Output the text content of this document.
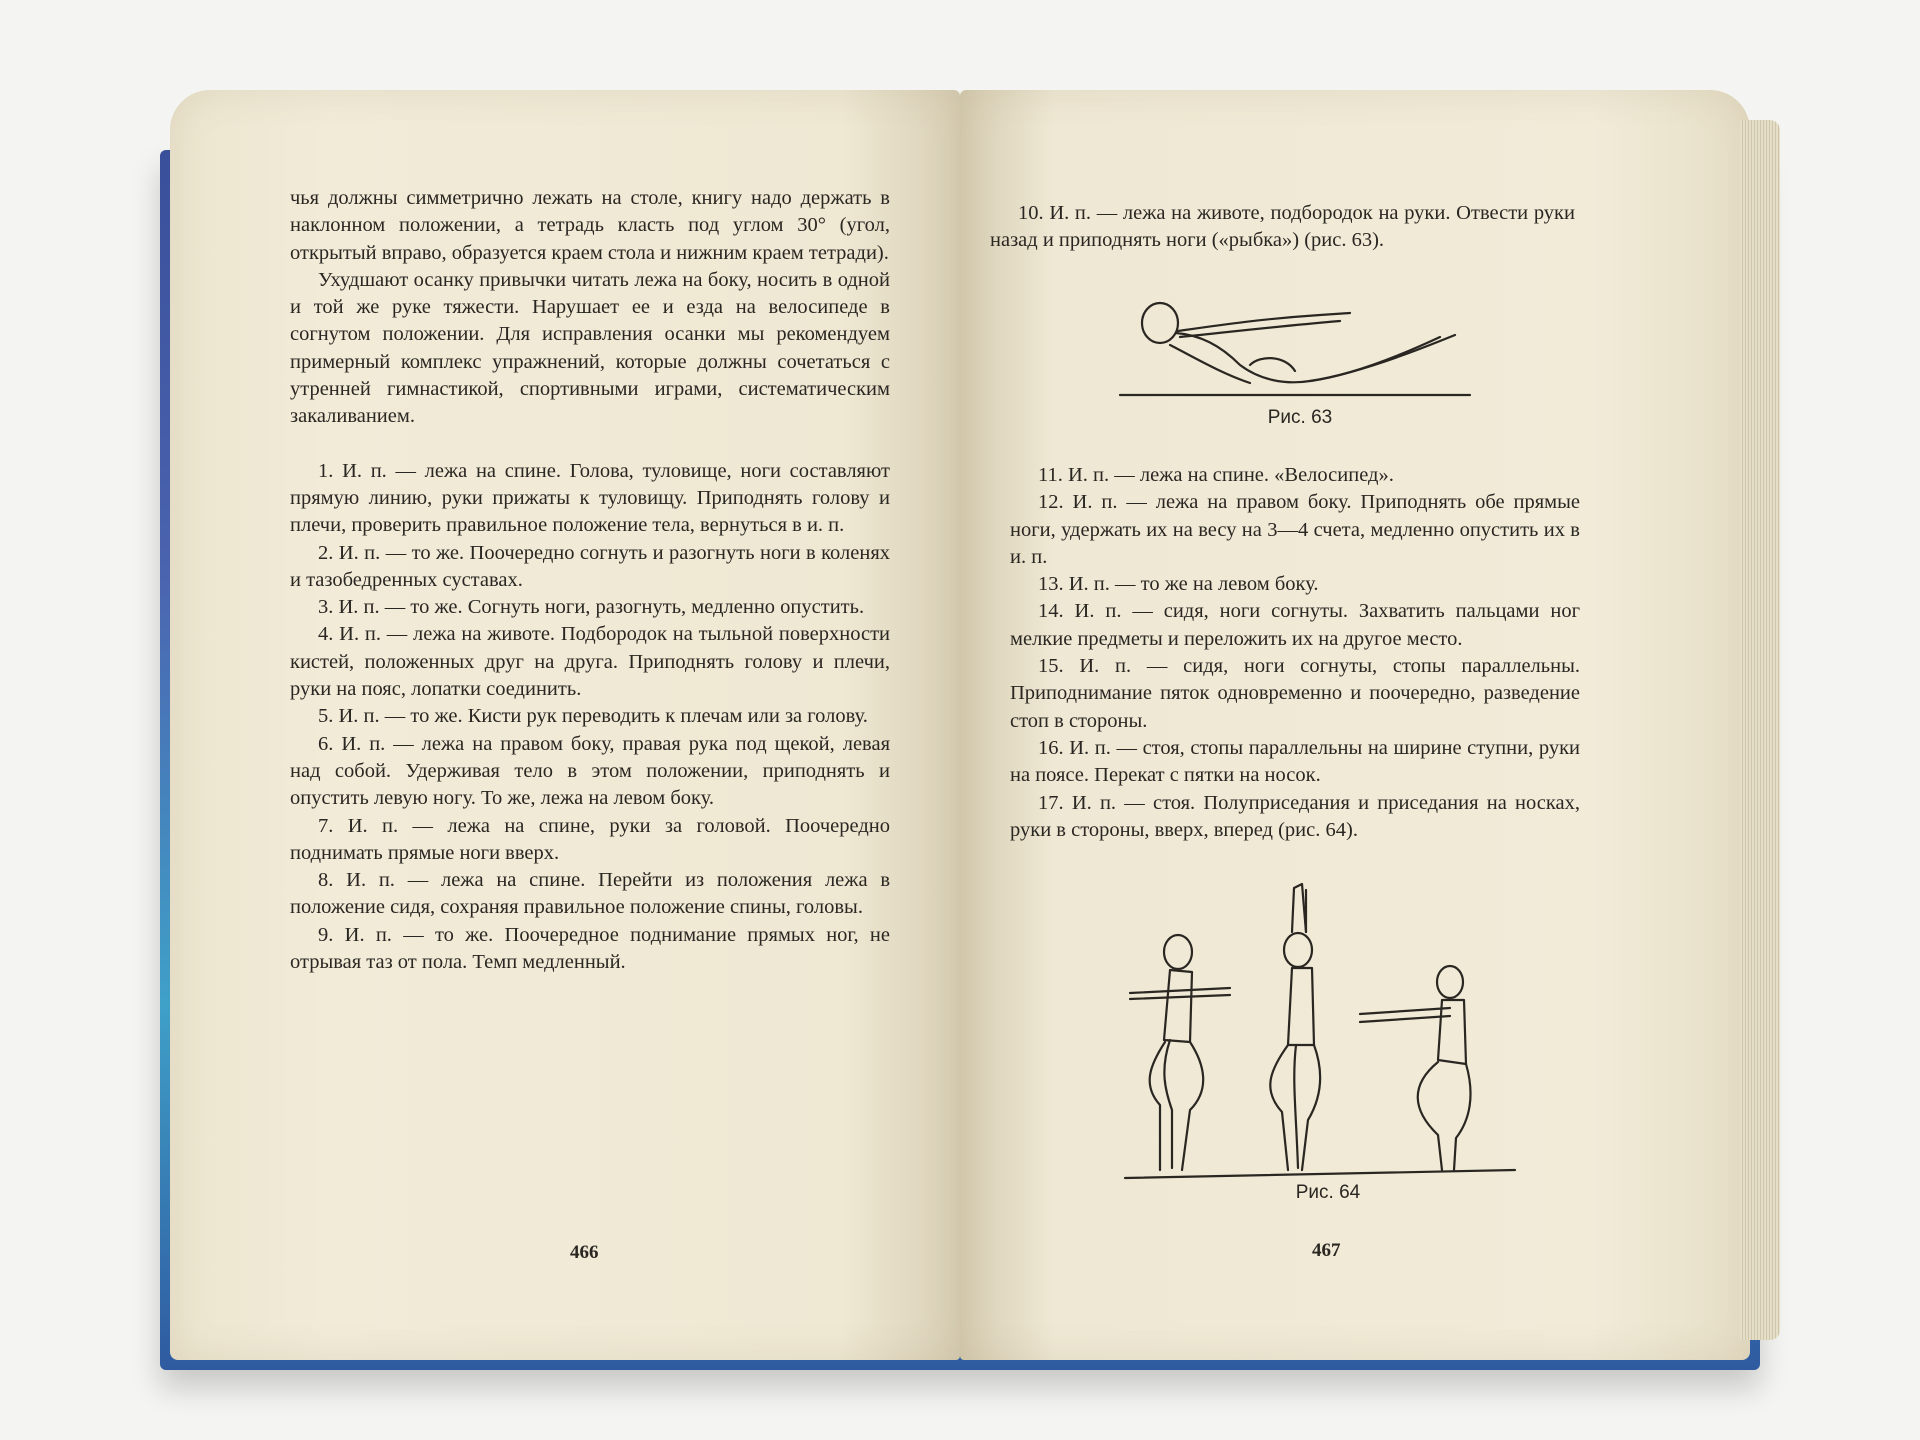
чья должны симметрично лежать на столе, книгу надо держать в наклонном положении, а тетрадь класть под углом 30° (угол, открытый вправо, образуется краем стола и нижним краем тетради).

Ухудшают осанку привычки читать лежа на боку, носить в одной и той же руке тяжести. Нарушает ее и езда на велосипеде в согнутом положении. Для исправления осанки мы рекомендуем примерный комплекс упражнений, которые должны сочетаться с утренней гимнастикой, спортивными играми, систематическим закаливанием.

1. И. п. — лежа на спине. Голова, туловище, ноги составляют прямую линию, руки прижаты к туловищу. Приподнять голову и плечи, проверить правильное положение тела, вернуться в и. п.

2. И. п. — то же. Поочередно согнуть и разогнуть ноги в коленях и тазобедренных суставах.

3. И. п. — то же. Согнуть ноги, разогнуть, медленно опустить.

4. И. п. — лежа на животе. Подбородок на тыльной поверхности кистей, положенных друг на друга. Приподнять голову и плечи, руки на пояс, лопатки соединить.

5. И. п. — то же. Кисти рук переводить к плечам или за голову.

6. И. п. — лежа на правом боку, правая рука под щекой, левая над собой. Удерживая тело в этом положении, приподнять и опустить левую ногу. То же, лежа на левом боку.

7. И. п. — лежа на спине, руки за головой. Поочередно поднимать прямые ноги вверх.

8. И. п. — лежа на спине. Перейти из положения лежа в положение сидя, сохраняя правильное положение спины, головы.

9. И. п. — то же. Поочередное поднимание прямых ног, не отрывая таз от пола. Темп медленный.

466

10. И. п. — лежа на животе, подбородок на руки. Отвести руки назад и приподнять ноги («рыбка») (рис. 63).

Рис. 63

11. И. п. — лежа на спине. «Велосипед».

12. И. п. — лежа на правом боку. Приподнять обе прямые ноги, удержать их на весу на 3—4 счета, медленно опустить их в и. п.

13. И. п. — то же на левом боку.

14. И. п. — сидя, ноги согнуты. Захватить пальцами ног мелкие предметы и переложить их на другое место.

15. И. п. — сидя, ноги согнуты, стопы параллельны. Приподнимание пяток одновременно и поочередно, разведение стоп в стороны.

16. И. п. — стоя, стопы параллельны на ширине ступни, руки на поясе. Перекат с пятки на носок.

17. И. п. — стоя. Полуприседания и приседания на носках, руки в стороны, вверх, вперед (рис. 64).

Рис. 64
467
